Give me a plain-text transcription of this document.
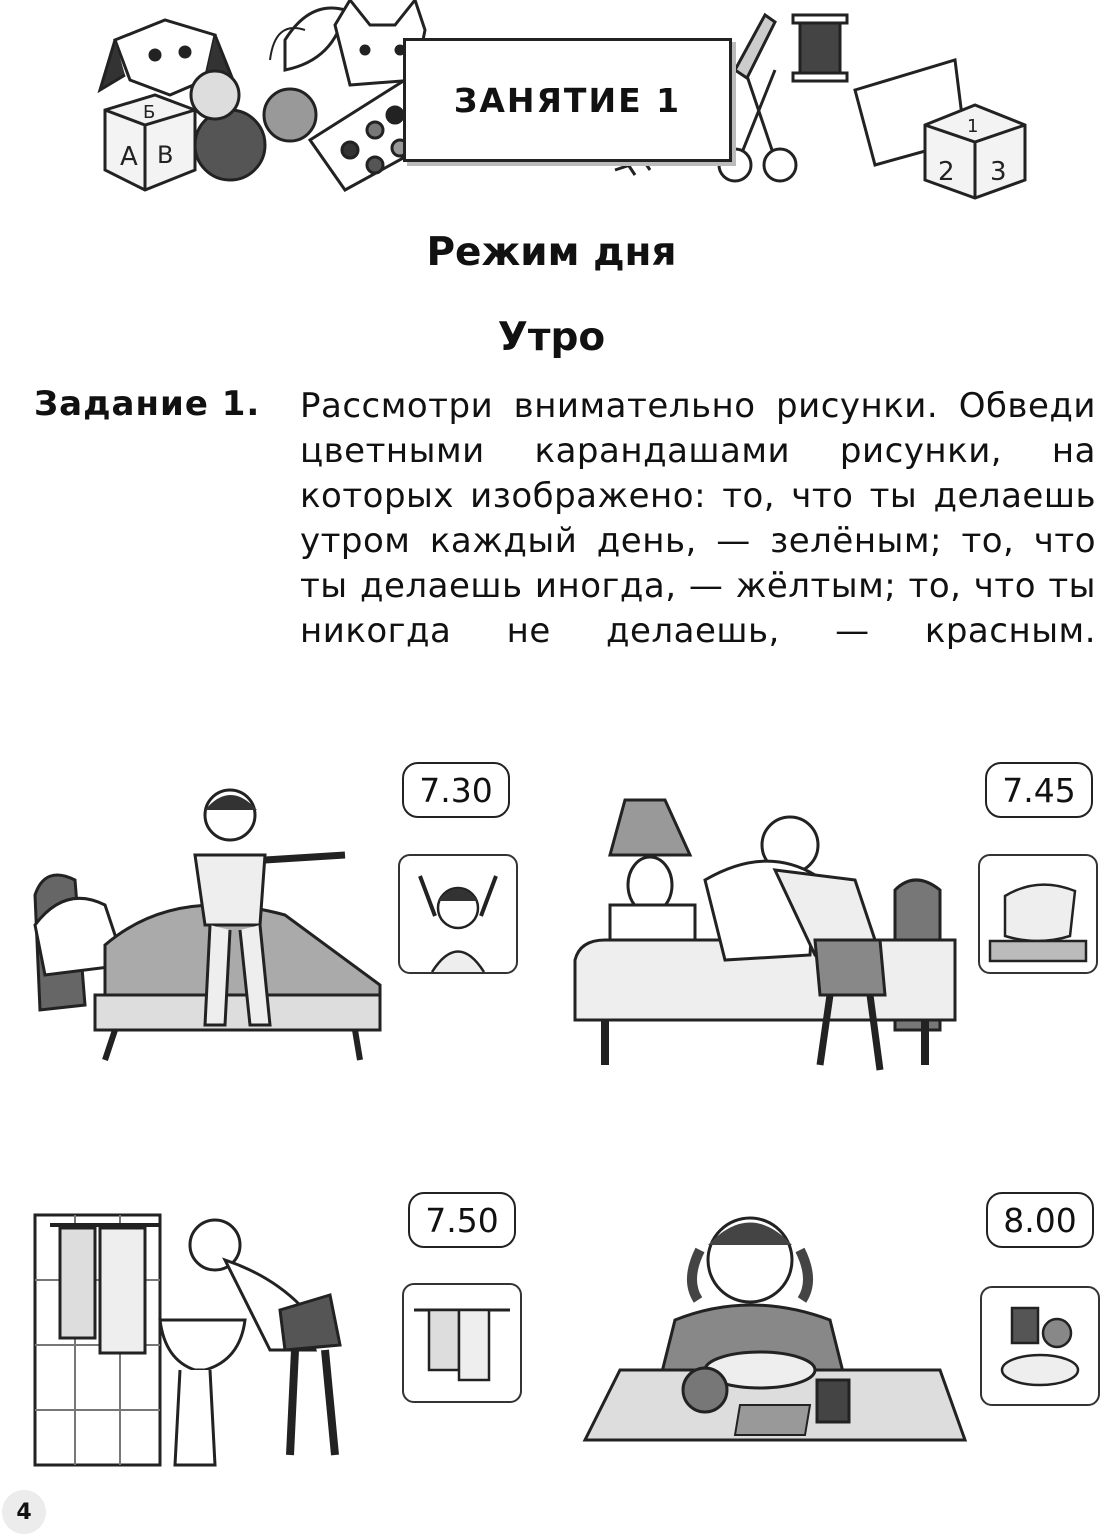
А В
Б
2 3
1
ЗАНЯТИЕ 1
Режим дня
Утро
Задание 1. Рассмотри внимательно рисунки. Обведи цветными карандашами рисунки, на которых изображено: то, что ты делаешь утром каждый день, — зелёным; то, что ты делаешь иногда, — жёлтым; то, что ты никогда не делаешь, — красным.
7.30	7.45
7.50	8.00
4
